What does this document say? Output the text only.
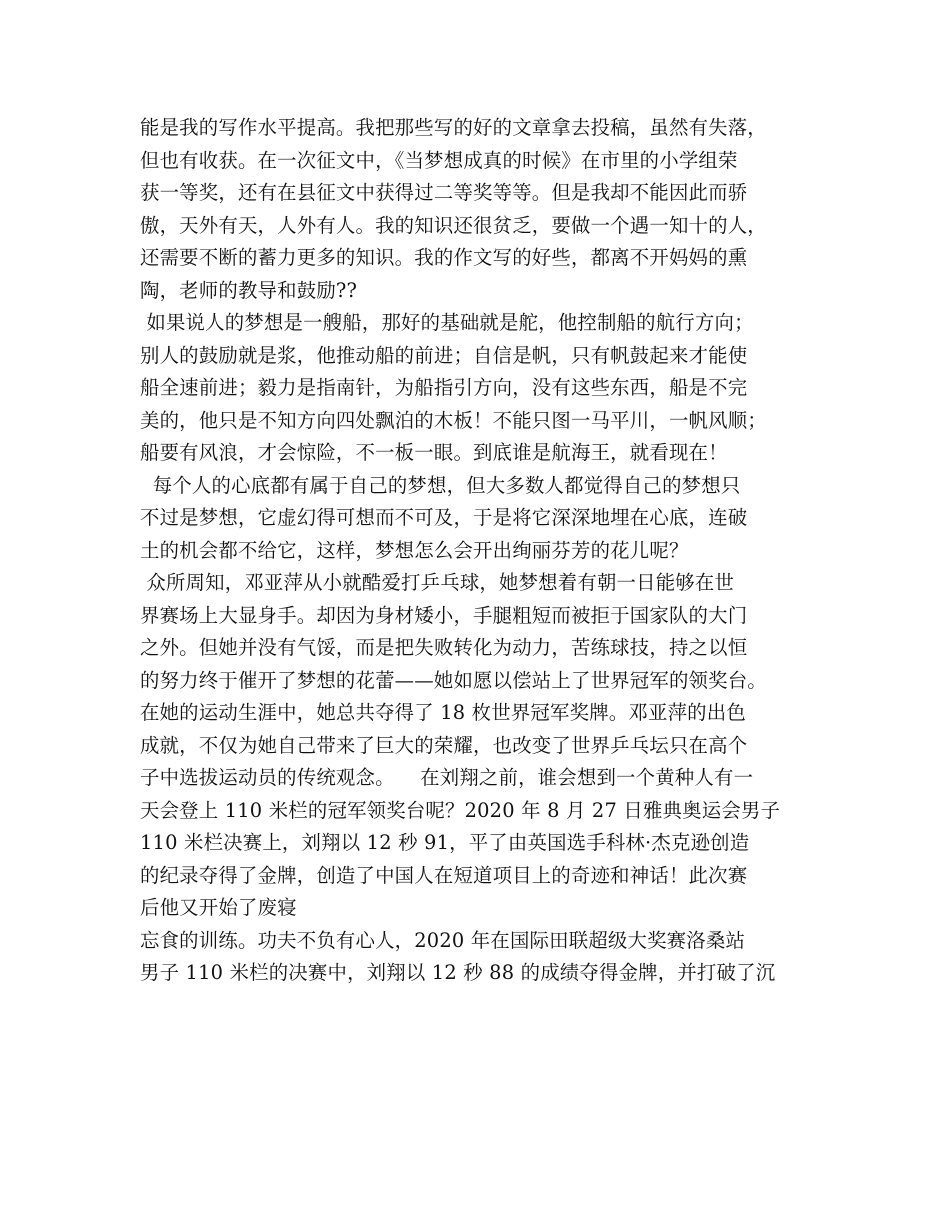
能是我的写作水平提高。我把那些写的好的文章拿去投稿，虽然有失落，
但也有收获。在一次征文中，《当梦想成真的时候》在市里的小学组荣
获一等奖，还有在县征文中获得过二等奖等等。但是我却不能因此而骄
傲，天外有天，人外有人。我的知识还很贫乏，要做一个遇一知十的人，
还需要不断的蓄力更多的知识。我的作文写的好些，都离不开妈妈的熏
陶，老师的教导和鼓励??
如果说人的梦想是一艘船，那好的基础就是舵，他控制船的航行方向；
别人的鼓励就是浆，他推动船的前进；自信是帆，只有帆鼓起来才能使
船全速前进；毅力是指南针，为船指引方向，没有这些东西，船是不完
美的，他只是不知方向四处飘泊的木板！不能只图一马平川，一帆风顺；
船要有风浪，才会惊险，不一板一眼。到底谁是航海王，就看现在！
每个人的心底都有属于自己的梦想，但大多数人都觉得自己的梦想只
不过是梦想，它虚幻得可想而不可及，于是将它深深地埋在心底，连破
土的机会都不给它，这样，梦想怎么会开出绚丽芬芳的花儿呢？
众所周知，邓亚萍从小就酷爱打乒乓球，她梦想着有朝一日能够在世
界赛场上大显身手。却因为身材矮小，手腿粗短而被拒于国家队的大门
之外。但她并没有气馁，而是把失败转化为动力，苦练球技，持之以恒
的努力终于催开了梦想的花蕾——她如愿以偿站上了世界冠军的领奖台。
在她的运动生涯中，她总共夺得了 18 枚世界冠军奖牌。邓亚萍的出色
成就，不仅为她自己带来了巨大的荣耀，也改变了世界乒乓坛只在高个
子中选拔运动员的传统观念。    在刘翔之前，谁会想到一个黄种人有一
天会登上 110 米栏的冠军领奖台呢？2020 年 8 月 27 日雅典奥运会男子
110 米栏决赛上，刘翔以 12 秒 91，平了由英国选手科林·杰克逊创造
的纪录夺得了金牌，创造了中国人在短道项目上的奇迹和神话！此次赛
后他又开始了废寝
忘食的训练。功夫不负有心人，2020 年在国际田联超级大奖赛洛桑站
男子 110 米栏的决赛中，刘翔以 12 秒 88 的成绩夺得金牌，并打破了沉
